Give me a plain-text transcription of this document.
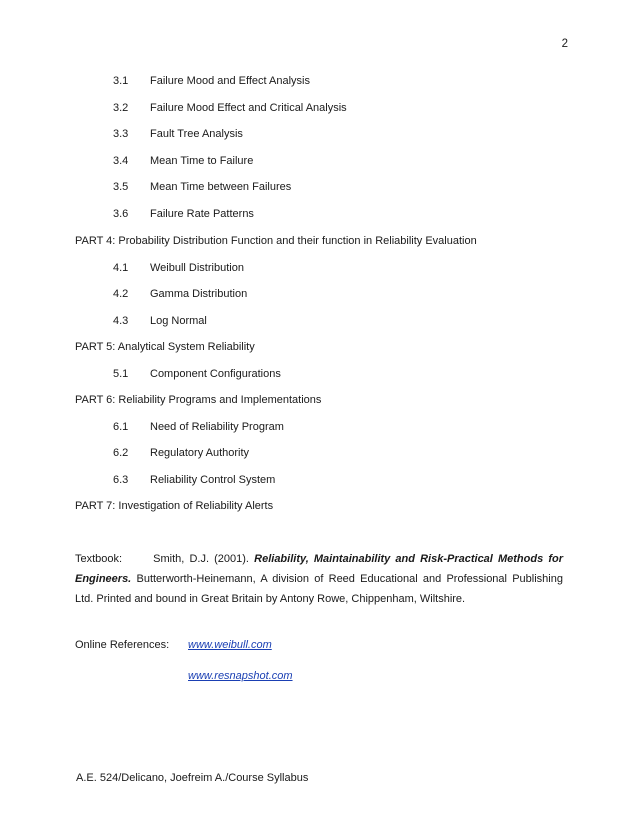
2
3.1 Failure Mood and Effect Analysis
3.2 Failure Mood Effect and Critical Analysis
3.3 Fault Tree Analysis
3.4 Mean Time to Failure
3.5 Mean Time between Failures
3.6 Failure Rate Patterns
PART 4: Probability Distribution Function and their function in Reliability Evaluation
4.1 Weibull Distribution
4.2 Gamma Distribution
4.3 Log Normal
PART 5: Analytical System Reliability
5.1 Component Configurations
PART 6: Reliability Programs and Implementations
6.1 Need of Reliability Program
6.2 Regulatory Authority
6.3 Reliability Control System
PART 7: Investigation of Reliability Alerts
Textbook:	Smith, D.J. (2001). Reliability, Maintainability and Risk-Practical Methods for Engineers. Butterworth-Heinemann, A division of Reed Educational and Professional Publishing Ltd. Printed and bound in Great Britain by Antony Rowe, Chippenham, Wiltshire.
Online References: www.weibull.com
www.resnapshot.com
A.E. 524/Delicano, Joefreim A./Course Syllabus
